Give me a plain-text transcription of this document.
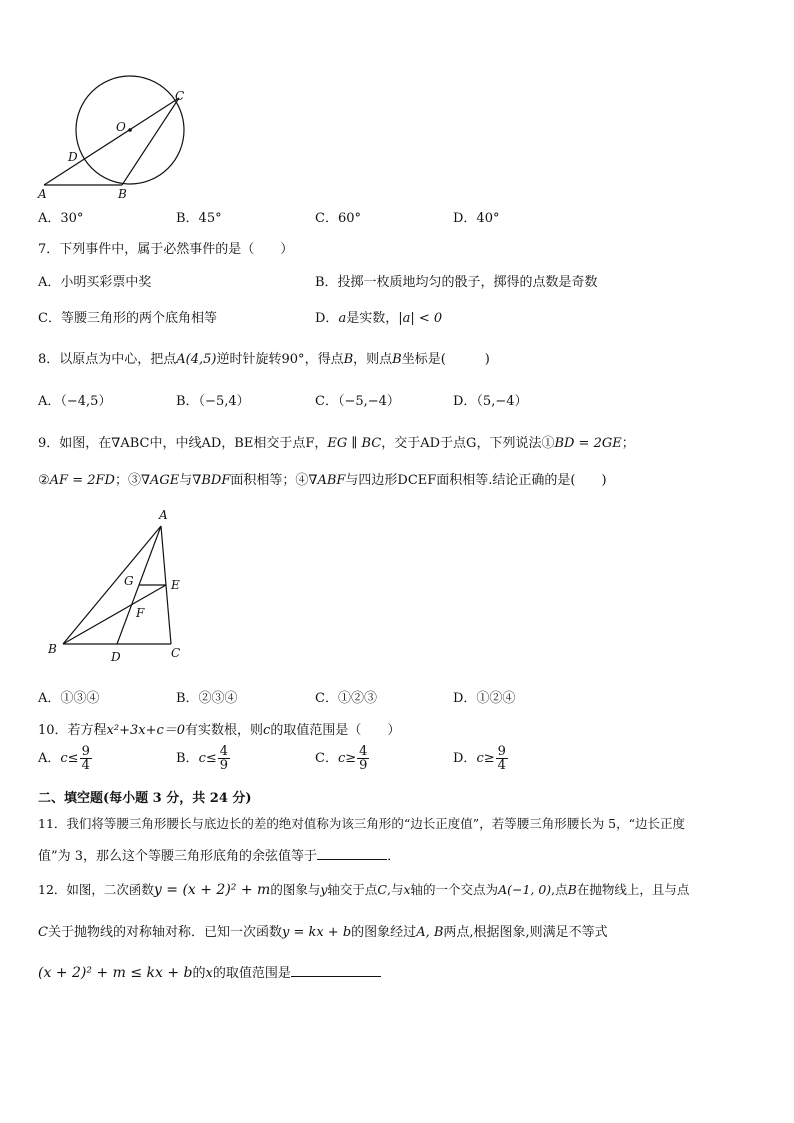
O
C
D
A	B
A．30°	B．45°	C．60°	D．40°
7．下列事件中，属于必然事件的是（　　）
A．小明买彩票中奖	B．投掷一枚质地均匀的骰子，掷得的点数是奇数
C．等腰三角形的两个底角相等	D．a是实数，|a| < 0
8．以原点为中心，把点A(4,5)逆时针旋转90°，得点B，则点B坐标是(　　　)
A．（−4,5）	B．（−5,4）	C．（−5,−4）	D．（5,−4）
9．如图，在∇ABC中，中线AD，BE相交于点F，EG ∥ BC，交于AD于点G，下列说法①BD = 2GE；
②AF = 2FD；③∇AGE与∇BDF面积相等；④∇ABF与四边形DCEF面积相等.结论正确的是(　　)
A
G	E
F
B
D	C
A．①③④	B．②③④	C．①②③	D．①②④
10．若方程x²+3x+c＝0有实数根，则c的取值范围是（　　）
A．$c\le \frac{9}{4}$	B．$c\le \frac{4}{9}$	C．$c\ge \frac{4}{9}$	D．$c\ge \frac{9}{4}$
二、填空题(每小题 3 分，共 24 分)
11．我们将等腰三角形腰长与底边长的差的绝对值称为该三角形的“边长正度值”，若等腰三角形腰长为 5，“边长正度
值”为 3，那么这个等腰三角形底角的余弦值等于	．
12．如图，二次函数y = (x + 2)² + m的图象与y轴交于点C,与x轴的一个交点为A(−1, 0),点B在抛物线上，且与点
C关于抛物线的对称轴对称．已知一次函数y = kx + b的图象经过A, B两点,根据图象,则满足不等式
(x + 2)² + m ≤ kx + b的x的取值范围是
